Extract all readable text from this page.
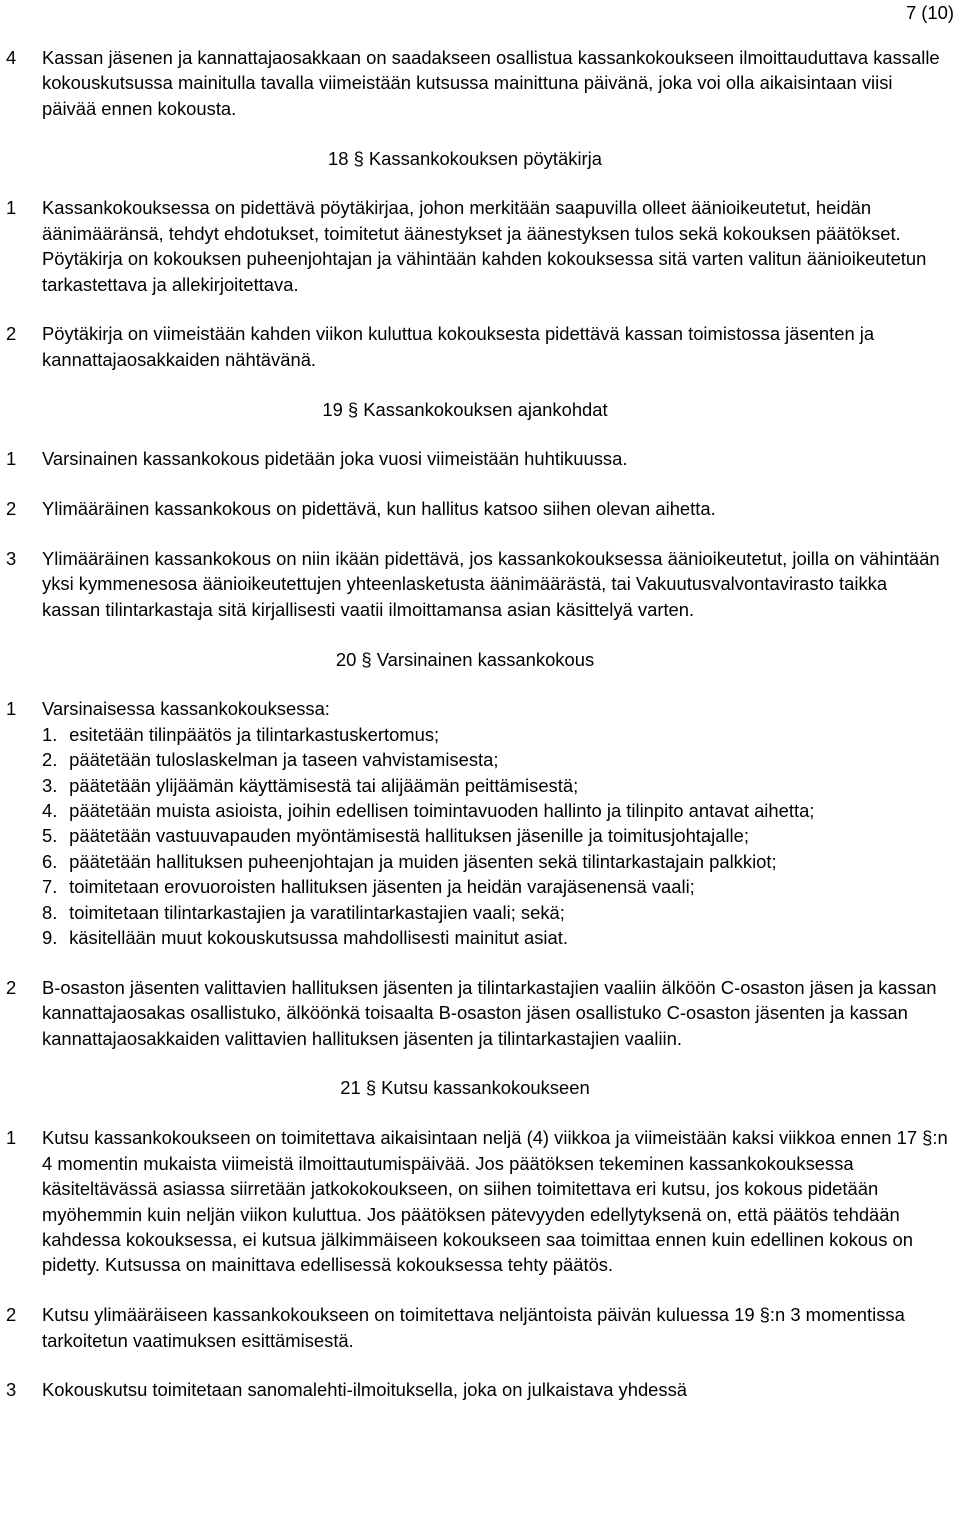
7 (10)
4 Kassan jäsenen ja kannattajaosakkaan on saadakseen osallistua kassankokoukseen ilmoittauduttava kassalle kokouskutsussa mainitulla tavalla viimeistään kutsussa mainittuna päivänä, joka voi olla aikaisintaan viisi päivää ennen kokousta.
18 § Kassankokouksen pöytäkirja
1 Kassankokouksessa on pidettävä pöytäkirjaa, johon merkitään saapuvilla olleet äänioikeutetut, heidän äänimääränsä, tehdyt ehdotukset, toimitetut äänestykset ja äänestyksen tulos sekä kokouksen päätökset. Pöytäkirja on kokouksen puheenjohtajan ja vähintään kahden kokouksessa sitä varten valitun äänioikeutetun tarkastettava ja allekirjoitettava.
2 Pöytäkirja on viimeistään kahden viikon kuluttua kokouksesta pidettävä kassan toimistossa jäsenten ja kannattajaosakkaiden nähtävänä.
19 § Kassankokouksen ajankohdat
1 Varsinainen kassankokous pidetään joka vuosi viimeistään huhtikuussa.
2 Ylimääräinen kassankokous on pidettävä, kun hallitus katsoo siihen olevan aihetta.
3 Ylimääräinen kassankokous on niin ikään pidettävä, jos kassankokouksessa äänioikeutetut, joilla on vähintään yksi kymmenesosa äänioikeutettujen yhteenlasketusta äänimäärästä, tai Vakuutusvalvontavirasto taikka kassan tilintarkastaja sitä kirjallisesti vaatii ilmoittamansa asian käsittelyä varten.
20 § Varsinainen kassankokous
1 Varsinaisessa kassankokouksessa:
1. esitetään tilinpäätös ja tilintarkastuskertomus;
2. päätetään tuloslaskelman ja taseen vahvistamisesta;
3. päätetään ylijäämän käyttämisestä tai alijäämän peittämisestä;
4. päätetään muista asioista, joihin edellisen toimintavuoden hallinto ja tilinpito antavat aihetta;
5. päätetään vastuuvapauden myöntämisestä hallituksen jäsenille ja toimitusjohtajalle;
6. päätetään hallituksen puheenjohtajan ja muiden jäsenten sekä tilintarkastajain palkkiot;
7. toimitetaan erovuoroisten hallituksen jäsenten ja heidän varajäsenensä vaali;
8. toimitetaan tilintarkastajien ja varatilintarkastajien vaali; sekä;
9. käsitellään muut kokouskutsussa mahdollisesti mainitut asiat.
2 B-osaston jäsenten valittavien hallituksen jäsenten ja tilintarkastajien vaaliin älköön C-osaston jäsen ja kassan kannattajaosakas osallistuko, älköönkä toisaalta B-osaston jäsen osallistuko C-osaston jäsenten ja kassan kannattajaosakkaiden valittavien hallituksen jäsenten ja tilintarkastajien vaaliin.
21 § Kutsu kassankokoukseen
1 Kutsu kassankokoukseen on toimitettava aikaisintaan neljä (4) viikkoa ja viimeistään kaksi viikkoa ennen 17 §:n 4 momentin mukaista viimeistä ilmoittautumispäivää. Jos päätöksen tekeminen kassankokouksessa käsiteltävässä asiassa siirretään jatkokokoukseen, on siihen toimitettava eri kutsu, jos kokous pidetään myöhemmin kuin neljän viikon kuluttua. Jos päätöksen pätevyyden edellytyksenä on, että päätös tehdään kahdessa kokouksessa, ei kutsua jälkimmäiseen kokoukseen saa toimittaa ennen kuin edellinen kokous on pidetty. Kutsussa on mainittava edellisessä kokouksessa tehty päätös.
2 Kutsu ylimääräiseen kassankokoukseen on toimitettava neljäntoista päivän kuluessa 19 §:n 3 momentissa tarkoitetun vaatimuksen esittämisestä.
3 Kokouskutsu toimitetaan sanomalehti-ilmoituksella, joka on julkaistava yhdessä
